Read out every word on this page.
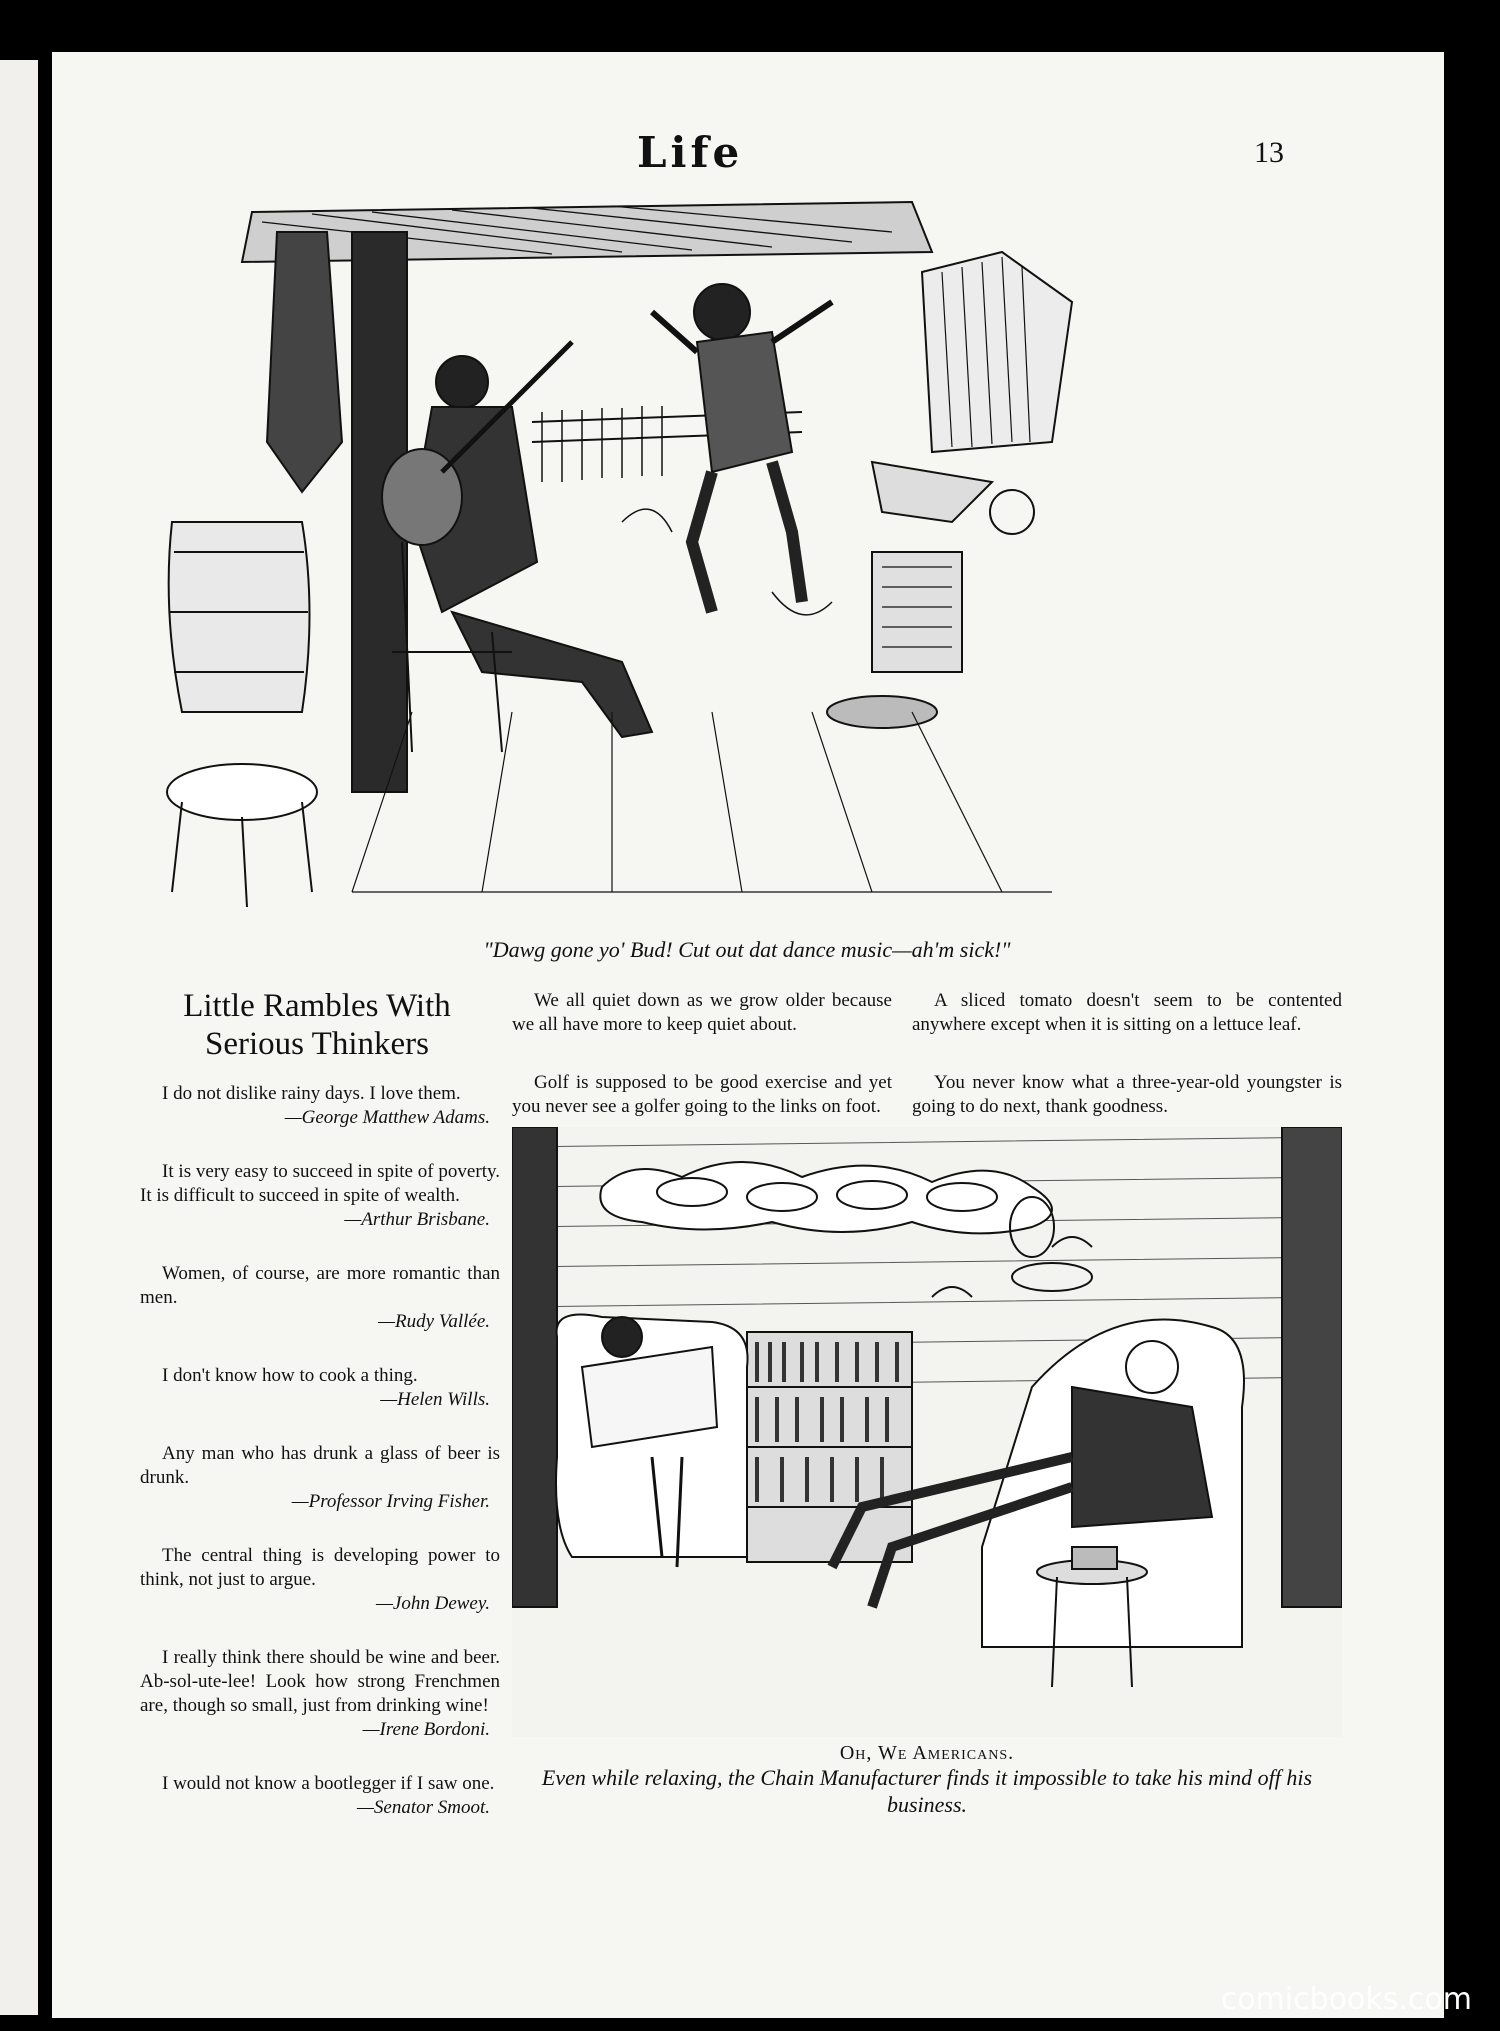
Life	13
"Dawg gone yo' Bud! Cut out dat dance music—ah'm sick!"
Little Rambles With Serious Thinkers
I do not dislike rainy days. I love them.
—George Matthew Adams.
It is very easy to succeed in spite of poverty. It is difficult to succeed in spite of wealth.
—Arthur Brisbane.
Women, of course, are more romantic than men.
—Rudy Vallée.
I don't know how to cook a thing.
—Helen Wills.
Any man who has drunk a glass of beer is drunk.
—Professor Irving Fisher.
The central thing is developing power to think, not just to argue.
—John Dewey.
I really think there should be wine and beer. Ab-sol-ute-lee! Look how strong Frenchmen are, though so small, just from drinking wine!
—Irene Bordoni.
I would not know a bootlegger if I saw one.
—Senator Smoot.

We all quiet down as we grow older because we all have more to keep quiet about.

Golf is supposed to be good exercise and yet you never see a golfer going to the links on foot.

A sliced tomato doesn't seem to be contented anywhere except when it is sitting on a lettuce leaf.

You never know what a three-year-old youngster is going to do next, thank goodness.

Oh, We Americans.
Even while relaxing, the Chain Manufacturer finds it impossible to take his mind off his business.
comicbooks.com
